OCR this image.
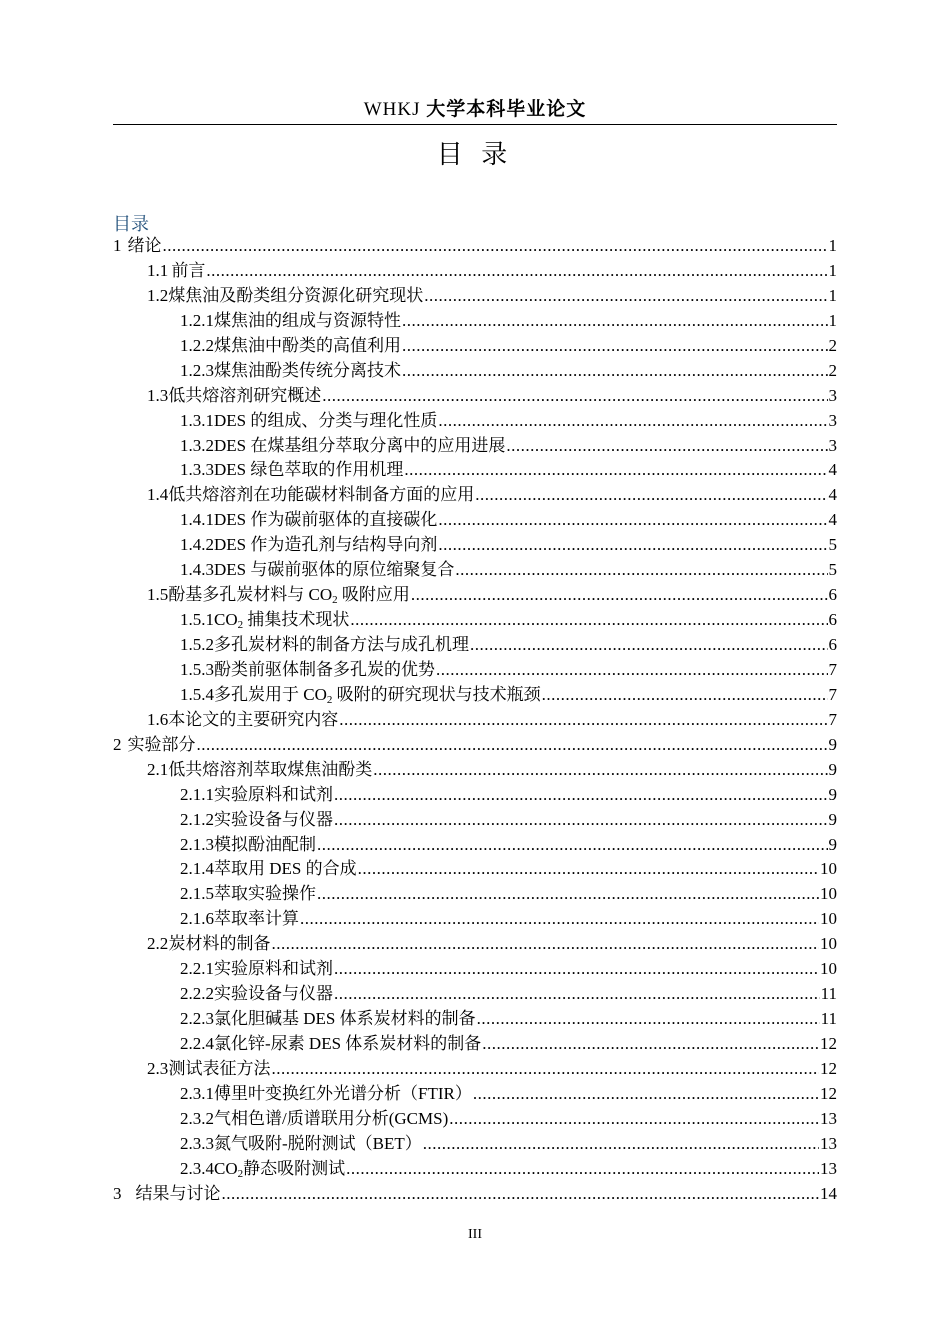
WHKJ 大学本科毕业论文
目 录
目录
1 绪论 .....	1
1.1 前言 .....	1
1.2 煤焦油及酚类组分资源化研究现状 .....	1
1.2.1 煤焦油的组成与资源特性 .....	1
1.2.2 煤焦油中酚类的高值利用 .....	2
1.2.3 煤焦油酚类传统分离技术 .....	2
1.3 低共熔溶剂研究概述 .....	3
1.3.1 DES 的组成、分类与理化性质 .....	3
1.3.2 DES 在煤基组分萃取分离中的应用进展 .....	3
1.3.3 DES 绿色萃取的作用机理 .....	4
1.4 低共熔溶剂在功能碳材料制备方面的应用 .....	4
1.4.1 DES 作为碳前驱体的直接碳化 .....	4
1.4.2 DES 作为造孔剂与结构导向剂 .....	5
1.4.3 DES 与碳前驱体的原位缩聚复合 .....	5
1.5 酚基多孔炭材料与 $CO_2$ 吸附应用 .....	6
1.5.1 $CO_2$ 捕集技术现状 .....	6
1.5.2 多孔炭材料的制备方法与成孔机理 .....	6
1.5.3 酚类前驱体制备多孔炭的优势 .....	7
1.5.4 多孔炭用于 $CO_2$ 吸附的研究现状与技术瓶颈 .....	7
1.6 本论文的主要研究内容 .....	7
2 实验部分 .....	9
2.1 低共熔溶剂萃取煤焦油酚类 .....	9
2.1.1 实验原料和试剂 .....	9
2.1.2 实验设备与仪器 .....	9
2.1.3 模拟酚油配制 .....	9
2.1.4 萃取用 DES 的合成 .....	10
2.1.5 萃取实验操作 .....	10
2.1.6 萃取率计算 .....	10
2.2 炭材料的制备 .....	10
2.2.1 实验原料和试剂 .....	10
2.2.2 实验设备与仪器 .....	11
2.2.3 氯化胆碱基 DES 体系炭材料的制备 .....	11
2.2.4 氯化锌-尿素 DES 体系炭材料的制备 .....	12
2.3 测试表征方法 .....	12
2.3.1 傅里叶变换红外光谱分析（FTIR） .....	12
2.3.2 气相色谱/质谱联用分析(GCMS) .....	13
2.3.3 氮气吸附-脱附测试（BET） .....	13
2.3.4 $CO_2$静态吸附测试 .....	13
3 结果与讨论 .....	14
III
